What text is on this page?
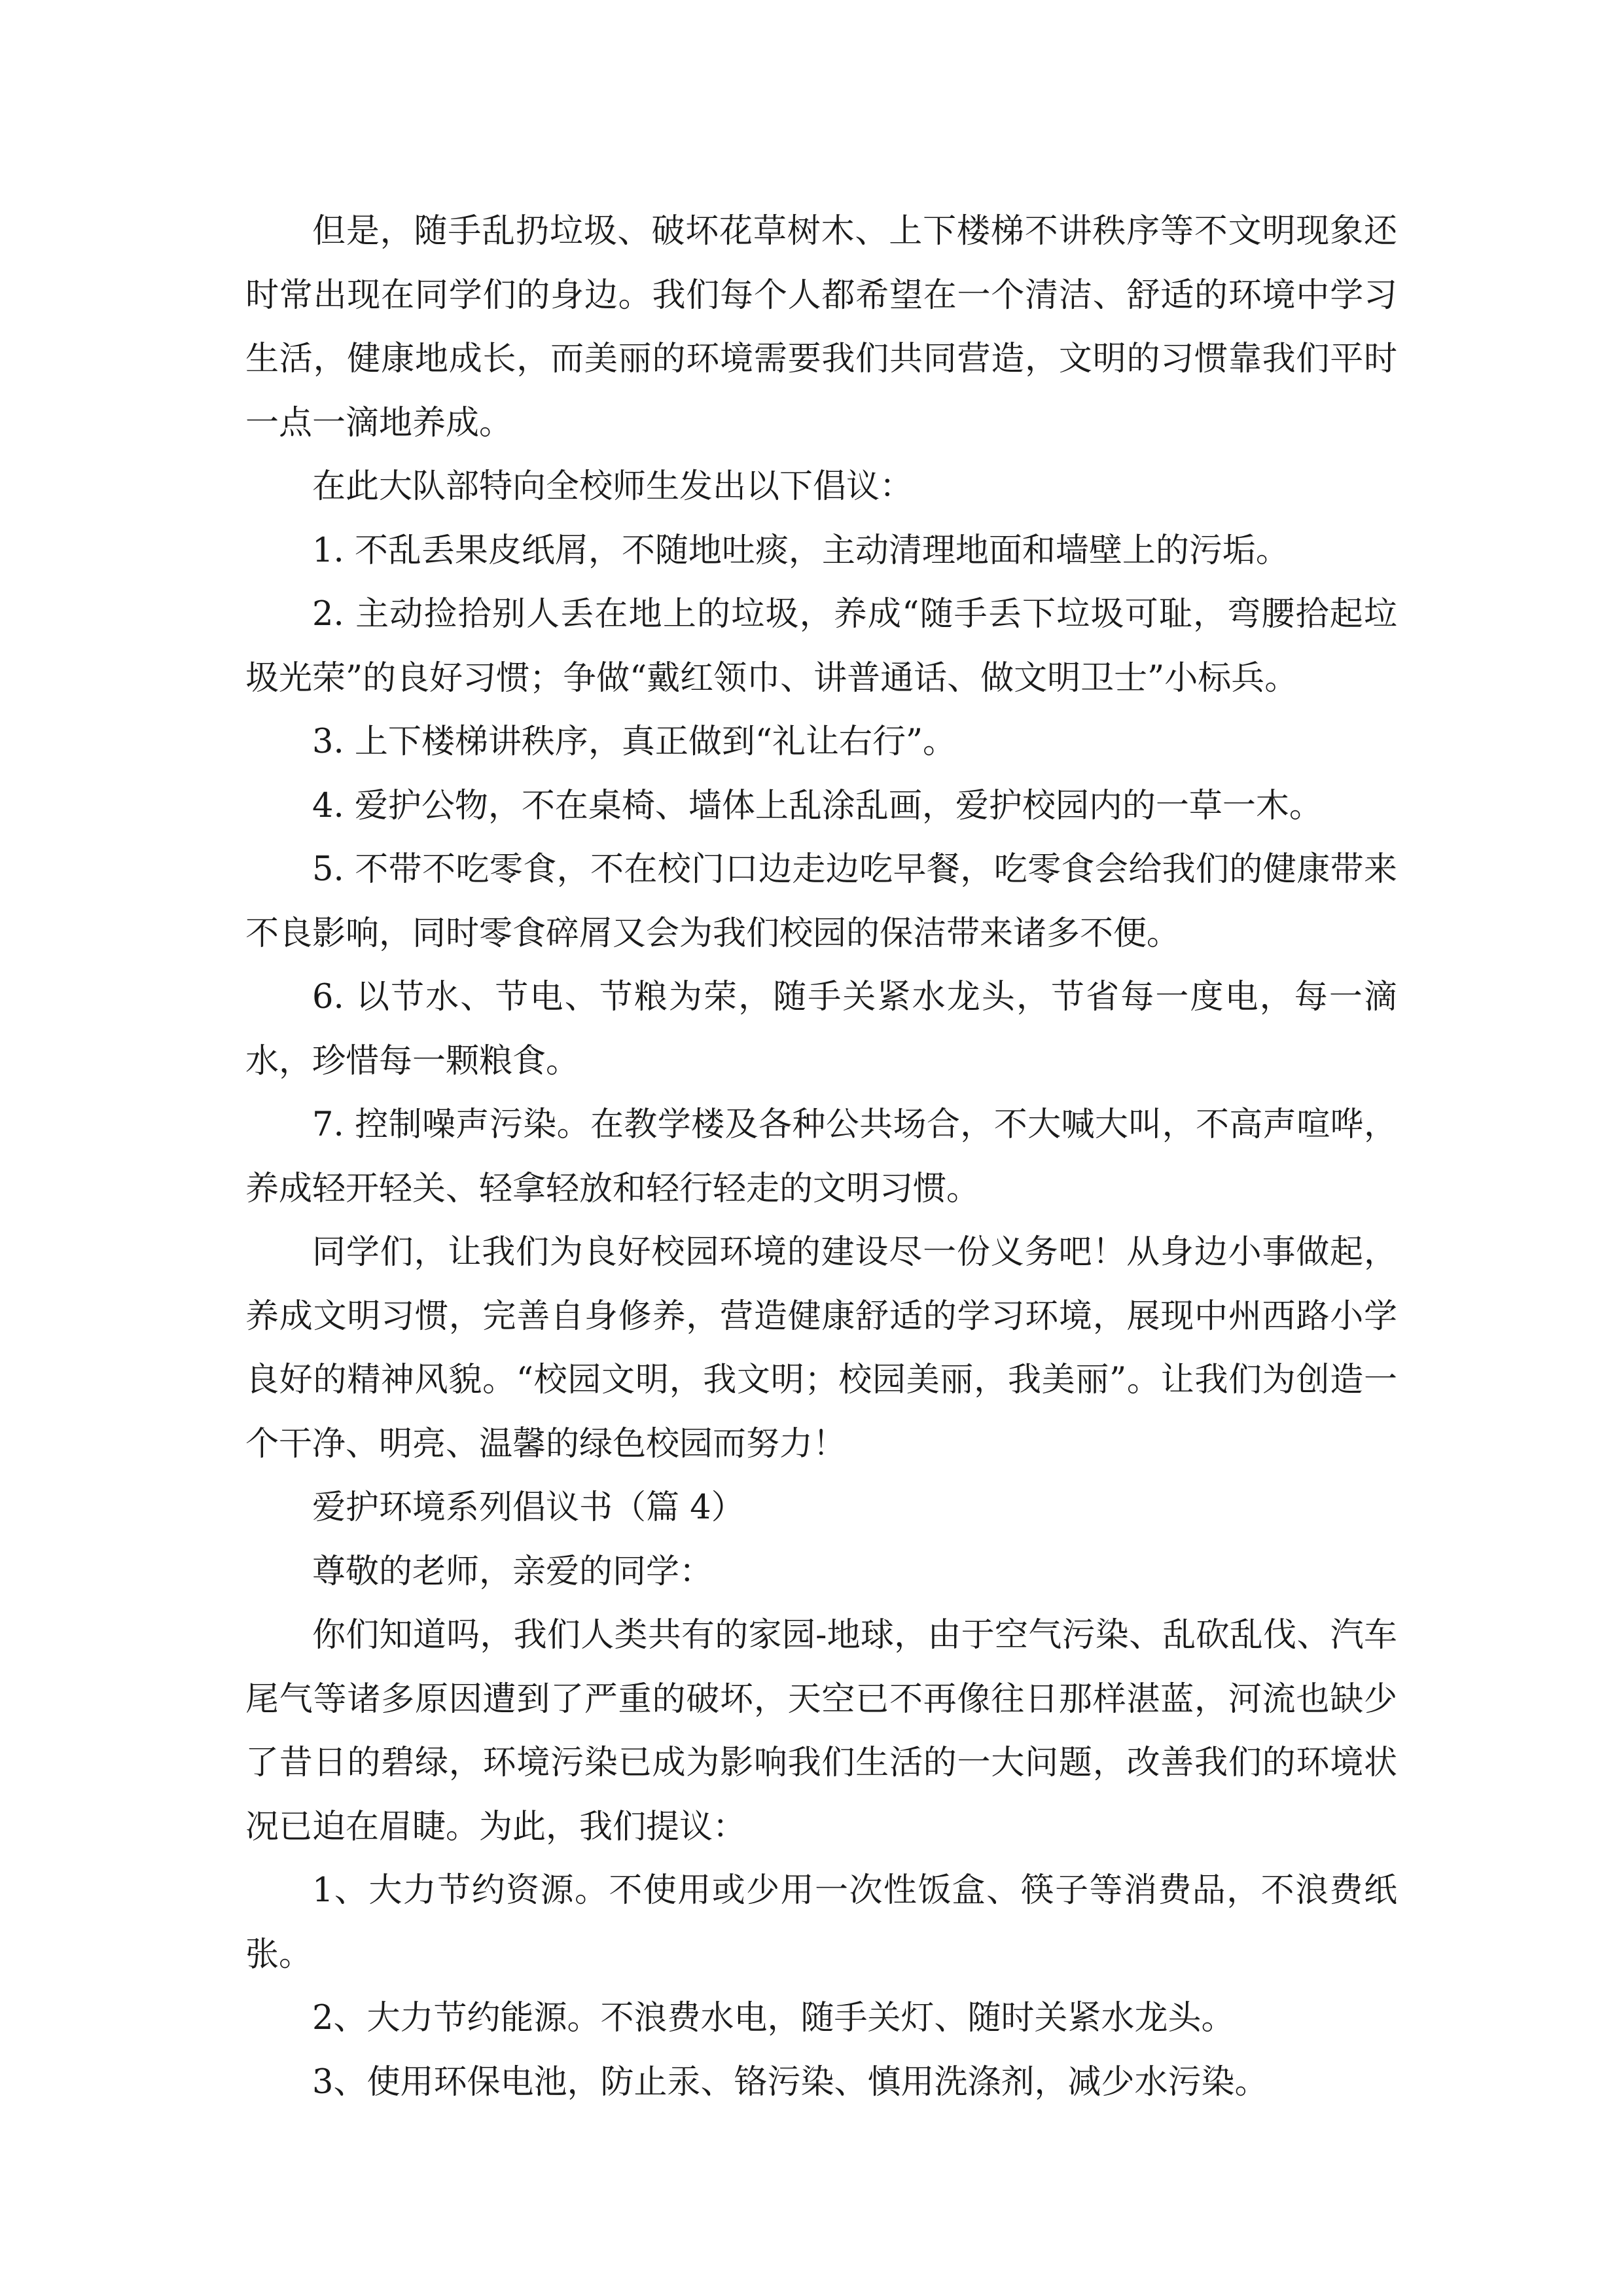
但是，随手乱扔垃圾、破坏花草树木、上下楼梯不讲秩序等不文明现象还时常出现在同学们的身边。我们每个人都希望在一个清洁、舒适的环境中学习生活，健康地成长，而美丽的环境需要我们共同营造，文明的习惯靠我们平时一点一滴地养成。

在此大队部特向全校师生发出以下倡议：

1. 不乱丢果皮纸屑，不随地吐痰，主动清理地面和墙壁上的污垢。

2. 主动捡拾别人丢在地上的垃圾，养成“随手丢下垃圾可耻，弯腰拾起垃圾光荣”的良好习惯；争做“戴红领巾、讲普通话、做文明卫士”小标兵。

3. 上下楼梯讲秩序，真正做到“礼让右行”。

4. 爱护公物，不在桌椅、墙体上乱涂乱画，爱护校园内的一草一木。

5. 不带不吃零食，不在校门口边走边吃早餐，吃零食会给我们的健康带来不良影响，同时零食碎屑又会为我们校园的保洁带来诸多不便。

6. 以节水、节电、节粮为荣，随手关紧水龙头，节省每一度电，每一滴水，珍惜每一颗粮食。

7. 控制噪声污染。在教学楼及各种公共场合，不大喊大叫，不高声喧哗，养成轻开轻关、轻拿轻放和轻行轻走的文明习惯。

同学们，让我们为良好校园环境的建设尽一份义务吧！从身边小事做起，养成文明习惯，完善自身修养，营造健康舒适的学习环境，展现中州西路小学良好的精神风貌。“校园文明，我文明；校园美丽，我美丽”。让我们为创造一个干净、明亮、温馨的绿色校园而努力！

爱护环境系列倡议书（篇 4）

尊敬的老师，亲爱的同学：

你们知道吗，我们人类共有的家园-地球，由于空气污染、乱砍乱伐、汽车尾气等诸多原因遭到了严重的破坏，天空已不再像往日那样湛蓝，河流也缺少了昔日的碧绿，环境污染已成为影响我们生活的一大问题，改善我们的环境状况已迫在眉睫。为此，我们提议：

1、大力节约资源。不使用或少用一次性饭盒、筷子等消费品，不浪费纸张。

2、大力节约能源。不浪费水电，随手关灯、随时关紧水龙头。

3、使用环保电池，防止汞、铬污染、慎用洗涤剂，减少水污染。
